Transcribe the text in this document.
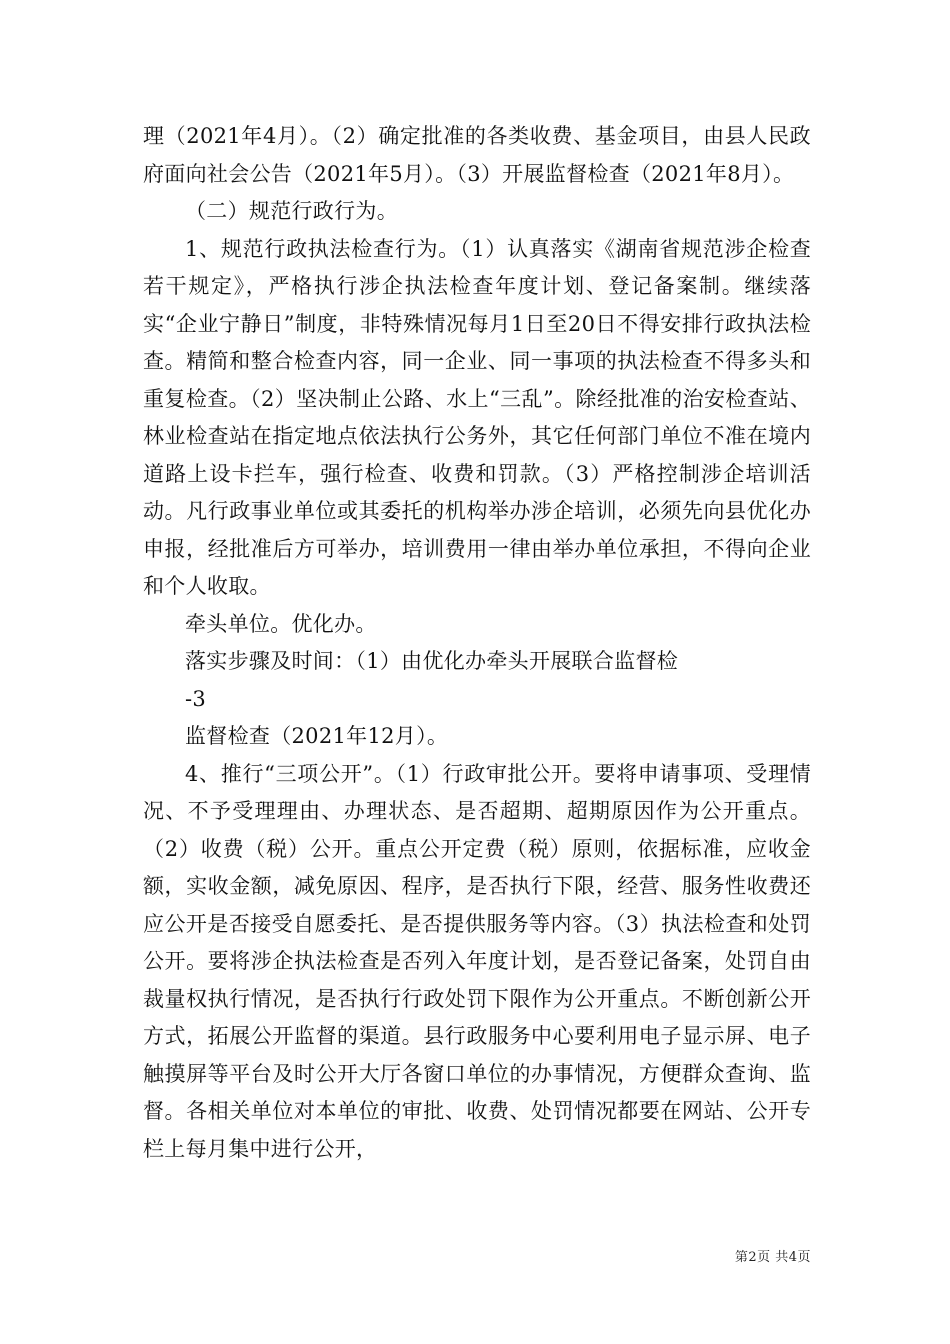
理（2021年4月）。（2）确定批准的各类收费、基金项目，由县人民政府面向社会公告（2021年5月）。（3）开展监督检查（2021年8月）。

（二）规范行政行为。

1、规范行政执法检查行为。（1）认真落实《湖南省规范涉企检查若干规定》，严格执行涉企执法检查年度计划、登记备案制。继续落实“企业宁静日”制度，非特殊情况每月1日至20日不得安排行政执法检查。精简和整合检查内容，同一企业、同一事项的执法检查不得多头和重复检查。（2）坚决制止公路、水上“三乱”。除经批准的治安检查站、林业检查站在指定地点依法执行公务外，其它任何部门单位不准在境内道路上设卡拦车，强行检查、收费和罚款。（3）严格控制涉企培训活动。凡行政事业单位或其委托的机构举办涉企培训，必须先向县优化办申报，经批准后方可举办，培训费用一律由举办单位承担，不得向企业和个人收取。

牵头单位。优化办。

落实步骤及时间：（1）由优化办牵头开展联合监督检

-3

监督检查（2021年12月）。

4、推行“三项公开”。（1）行政审批公开。要将申请事项、受理情况、不予受理理由、办理状态、是否超期、超期原因作为公开重点。（2）收费（税）公开。重点公开定费（税）原则，依据标准，应收金额，实收金额，减免原因、程序，是否执行下限，经营、服务性收费还应公开是否接受自愿委托、是否提供服务等内容。（3）执法检查和处罚公开。要将涉企执法检查是否列入年度计划，是否登记备案，处罚自由裁量权执行情况，是否执行行政处罚下限作为公开重点。不断创新公开方式，拓展公开监督的渠道。县行政服务中心要利用电子显示屏、电子触摸屏等平台及时公开大厅各窗口单位的办事情况，方便群众查询、监督。各相关单位对本单位的审批、收费、处罚情况都要在网站、公开专栏上每月集中进行公开，

第2页 共4页
